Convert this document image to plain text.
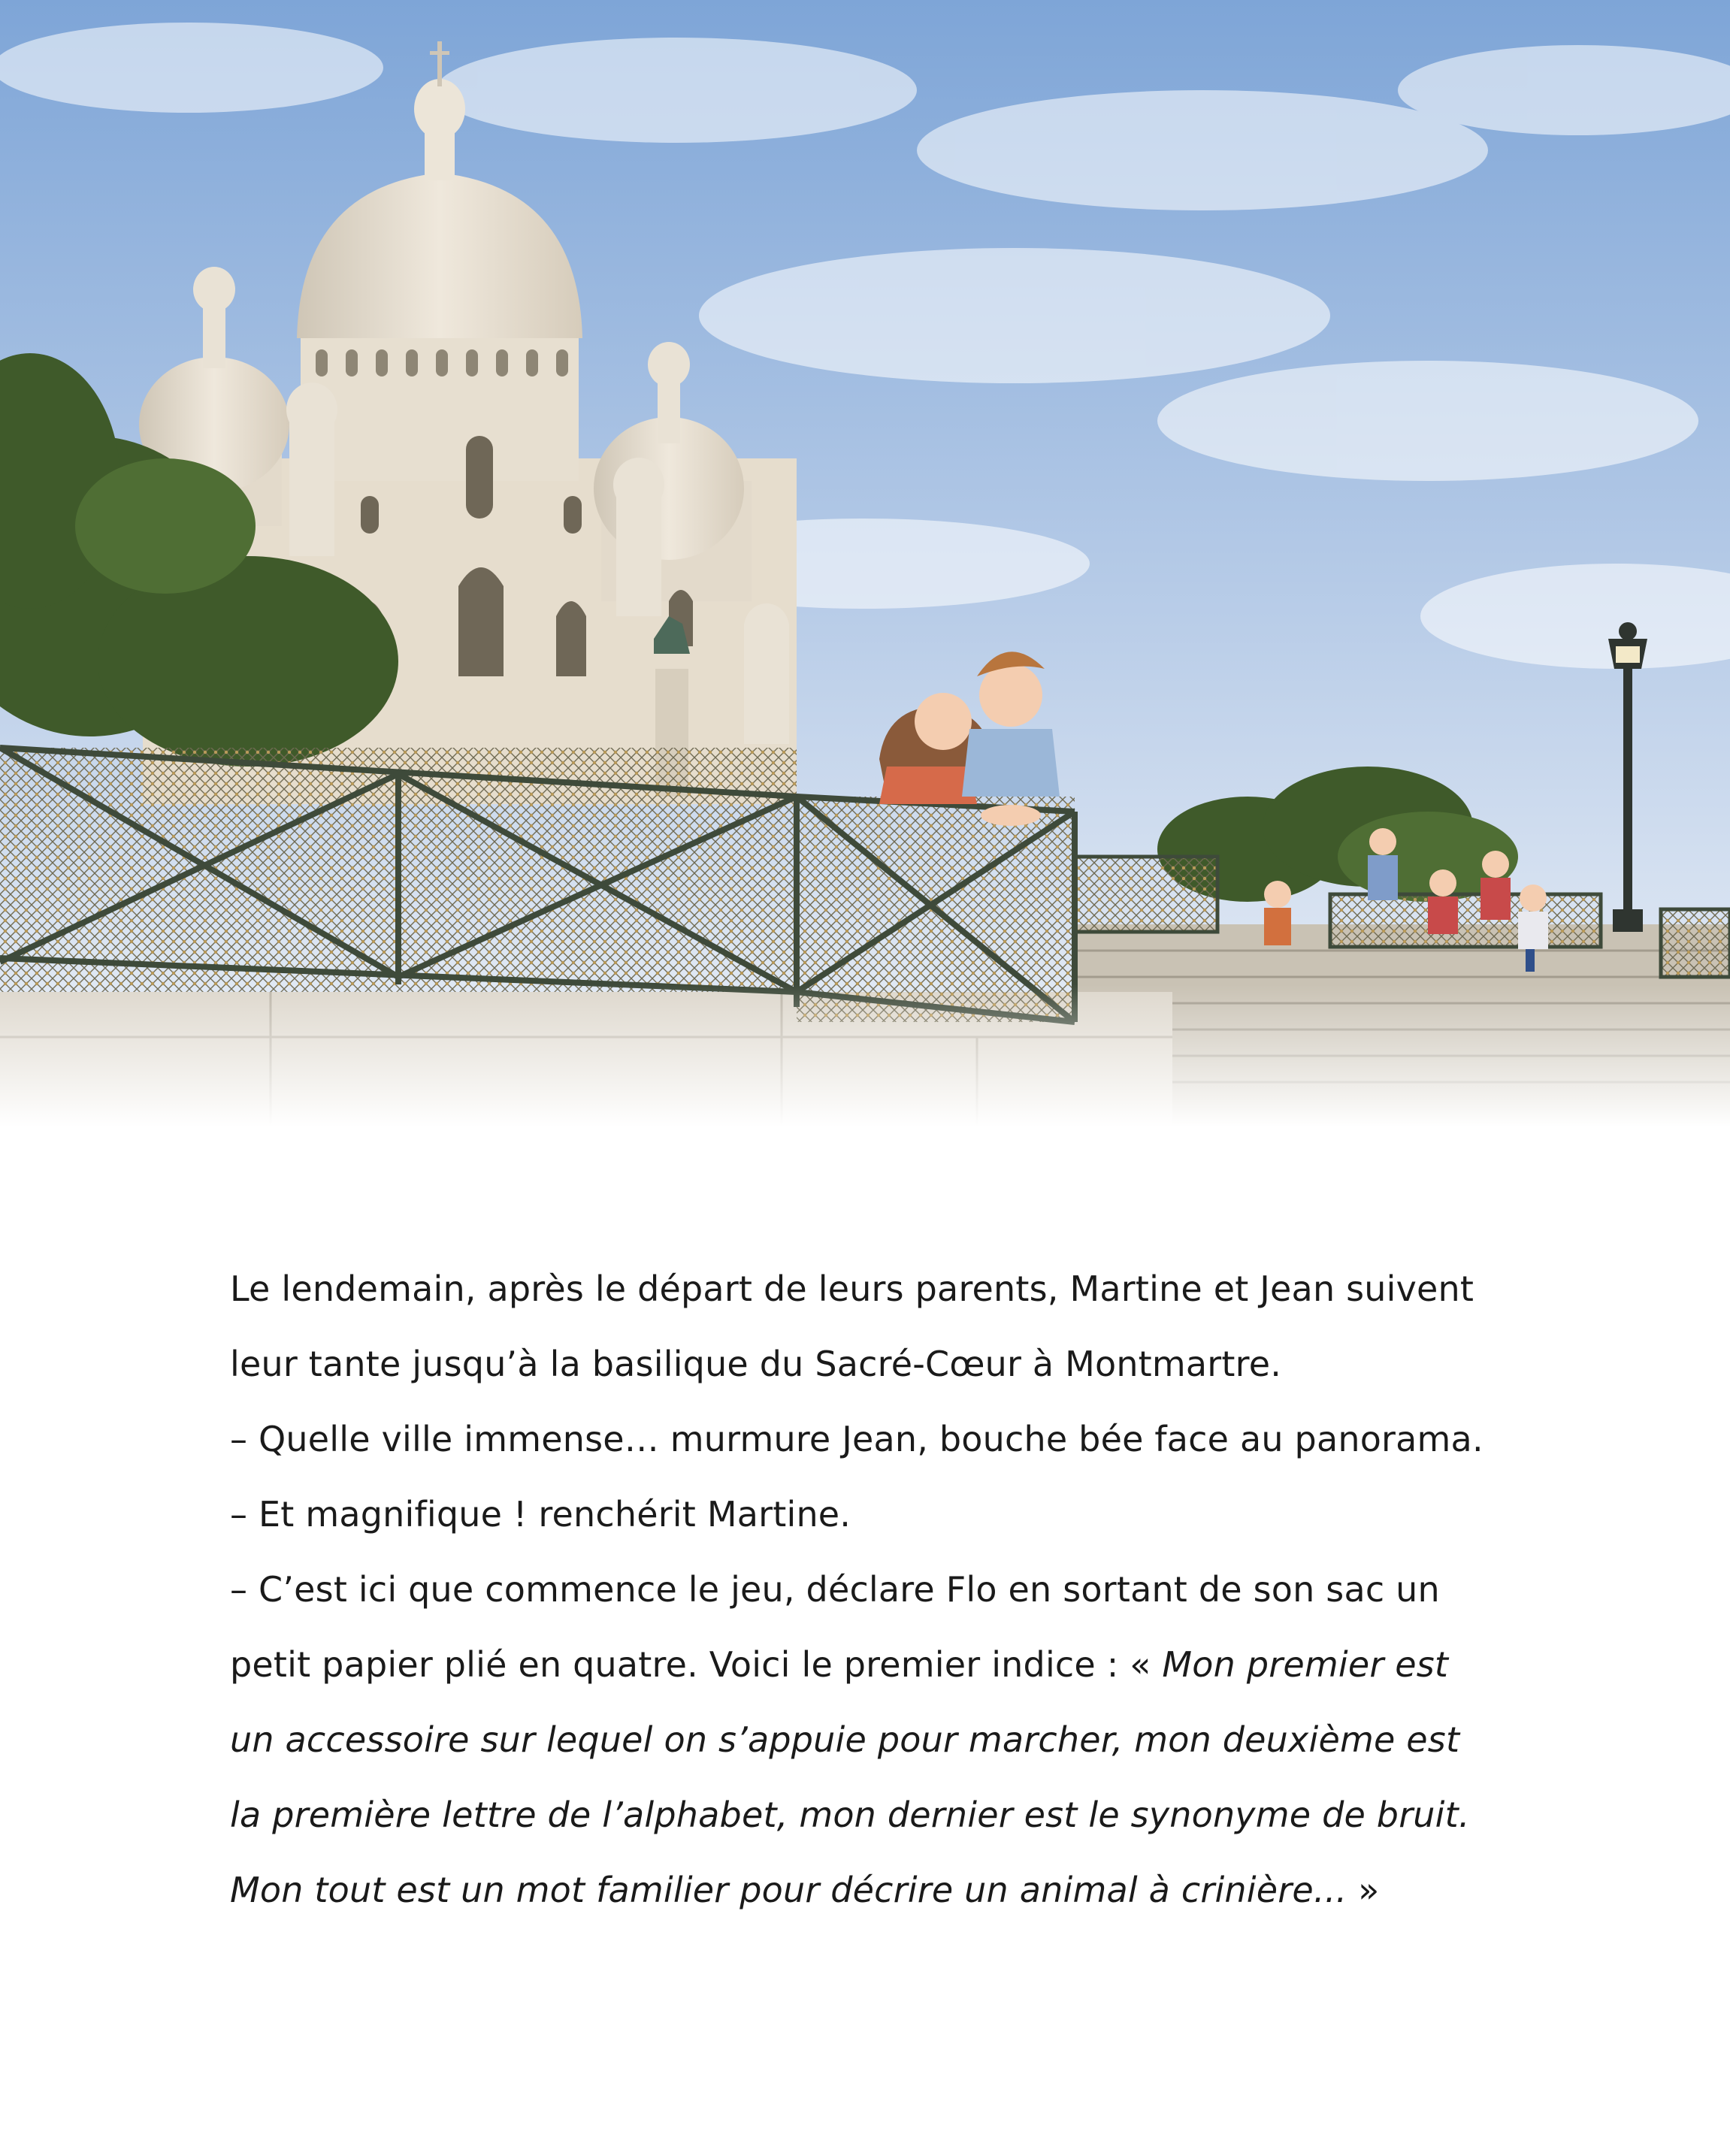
Le lendemain, après le départ de leurs parents, Martine et Jean suivent

leur tante jusqu’à la basilique du Sacré-Cœur à Montmartre.

– Quelle ville immense… murmure Jean, bouche bée face au panorama.

– Et magnifique ! renchérit Martine.

– C’est ici que commence le jeu, déclare Flo en sortant de son sac un

petit papier plié en quatre. Voici le premier indice : « Mon premier est

un accessoire sur lequel on s’appuie pour marcher, mon deuxième est

la première lettre de l’alphabet, mon dernier est le synonyme de bruit.

Mon tout est un mot familier pour décrire un animal à crinière... »
